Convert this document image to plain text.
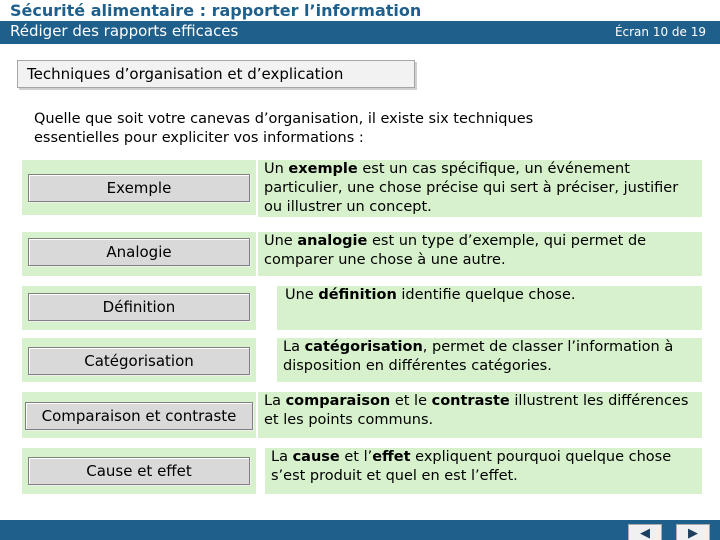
Sécurité alimentaire : rapporter l’information
Rédiger des rapports efficaces	Écran 10 de 19
Techniques d’organisation et d’explication
Quelle que soit votre canevas d’organisation, il existe six techniques essentielles pour expliciter vos informations :
Exemple
Un exemple est un cas spécifique, un événement particulier, une chose précise qui sert à préciser, justifier ou illustrer un concept.
Analogie
Une analogie est un type d’exemple, qui permet de comparer une chose à une autre.
Définition
Une définition identifie quelque chose.
Catégorisation
La catégorisation, permet de classer l’information à disposition en différentes catégories.
Comparaison et contraste
La comparaison et le contraste illustrent les différences et les points communs.
Cause et effet
La cause et l’effet expliquent pourquoi quelque chose s’est produit et quel en est l’effet.
◀	▶
